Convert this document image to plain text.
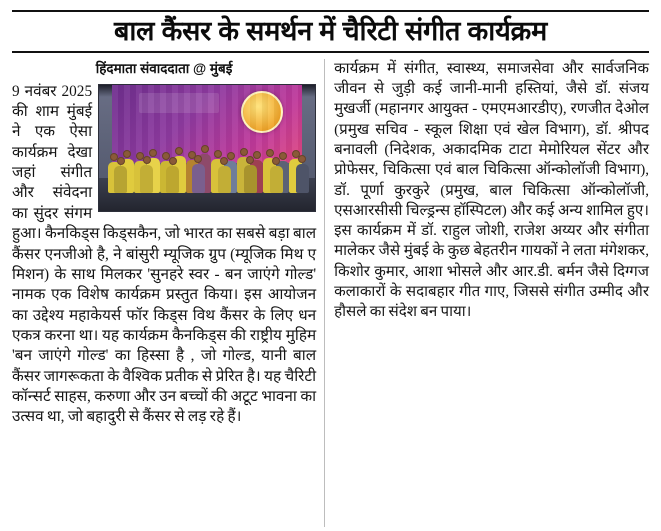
बाल कैंसर के समर्थन में चैरिटी संगीत कार्यक्रम
हिंदमाता संवाददाता @ मुंबई

9 नवंबर 2025 की शाम मुंबई ने एक ऐसा कार्यक्रम देखा जहां संगीत और संवेदना का सुंदर संगम हुआ। कैनकिड्स किड्सकैन, जो भारत का सबसे बड़ा बाल कैंसर एनजीओ है, ने बांसुरी म्यूजिक ग्रुप (म्यूजिक मिथ ए मिशन) के साथ मिलकर 'सुनहरे स्वर - बन जाएंगे गोल्ड' नामक एक विशेष कार्यक्रम प्रस्तुत किया। इस आयोजन का उद्देश्य महाकेयर्स फॉर किड्स विथ कैंसर के लिए धन एकत्र करना था। यह कार्यक्रम कैनकिड्स की राष्ट्रीय मुहिम 'बन जाएंगे गोल्ड' का हिस्सा है , जो गोल्ड, यानी बाल कैंसर जागरूकता के वैश्विक प्रतीक से प्रेरित है। यह चैरिटी कॉन्सर्ट साहस, करुणा और उन बच्चों की अटूट भावना का उत्सव था, जो बहादुरी से कैंसर से लड़ रहे हैं।

कार्यक्रम में संगीत, स्वास्थ्य, समाजसेवा और सार्वजनिक जीवन से जुड़ी कई जानी-मानी हस्तियां, जैसे डॉ. संजय मुखर्जी (महानगर आयुक्त - एमएमआरडीए), रणजीत देओल (प्रमुख सचिव - स्कूल शिक्षा एवं खेल विभाग), डॉ. श्रीपद बनावली (निदेशक, अकादमिक टाटा मेमोरियल सेंटर और प्रोफेसर, चिकित्सा एवं बाल चिकित्सा ऑन्कोलॉजी विभाग), डॉ. पूर्णा कुरकुरे (प्रमुख, बाल चिकित्सा ऑन्कोलॉजी, एसआरसीसी चिल्ड्रन्स हॉस्पिटल) और कई अन्य शामिल हुए। इस कार्यक्रम में डॉ. राहुल जोशी, राजेश अय्यर और संगीता मालेकर जैसे मुंबई के कुछ बेहतरीन गायकों ने लता मंगेशकर, किशोर कुमार, आशा भोसले और आर.डी. बर्मन जैसे दिग्गज कलाकारों के सदाबहार गीत गाए, जिससे संगीत उम्मीद और हौसले का संदेश बन पाया।
